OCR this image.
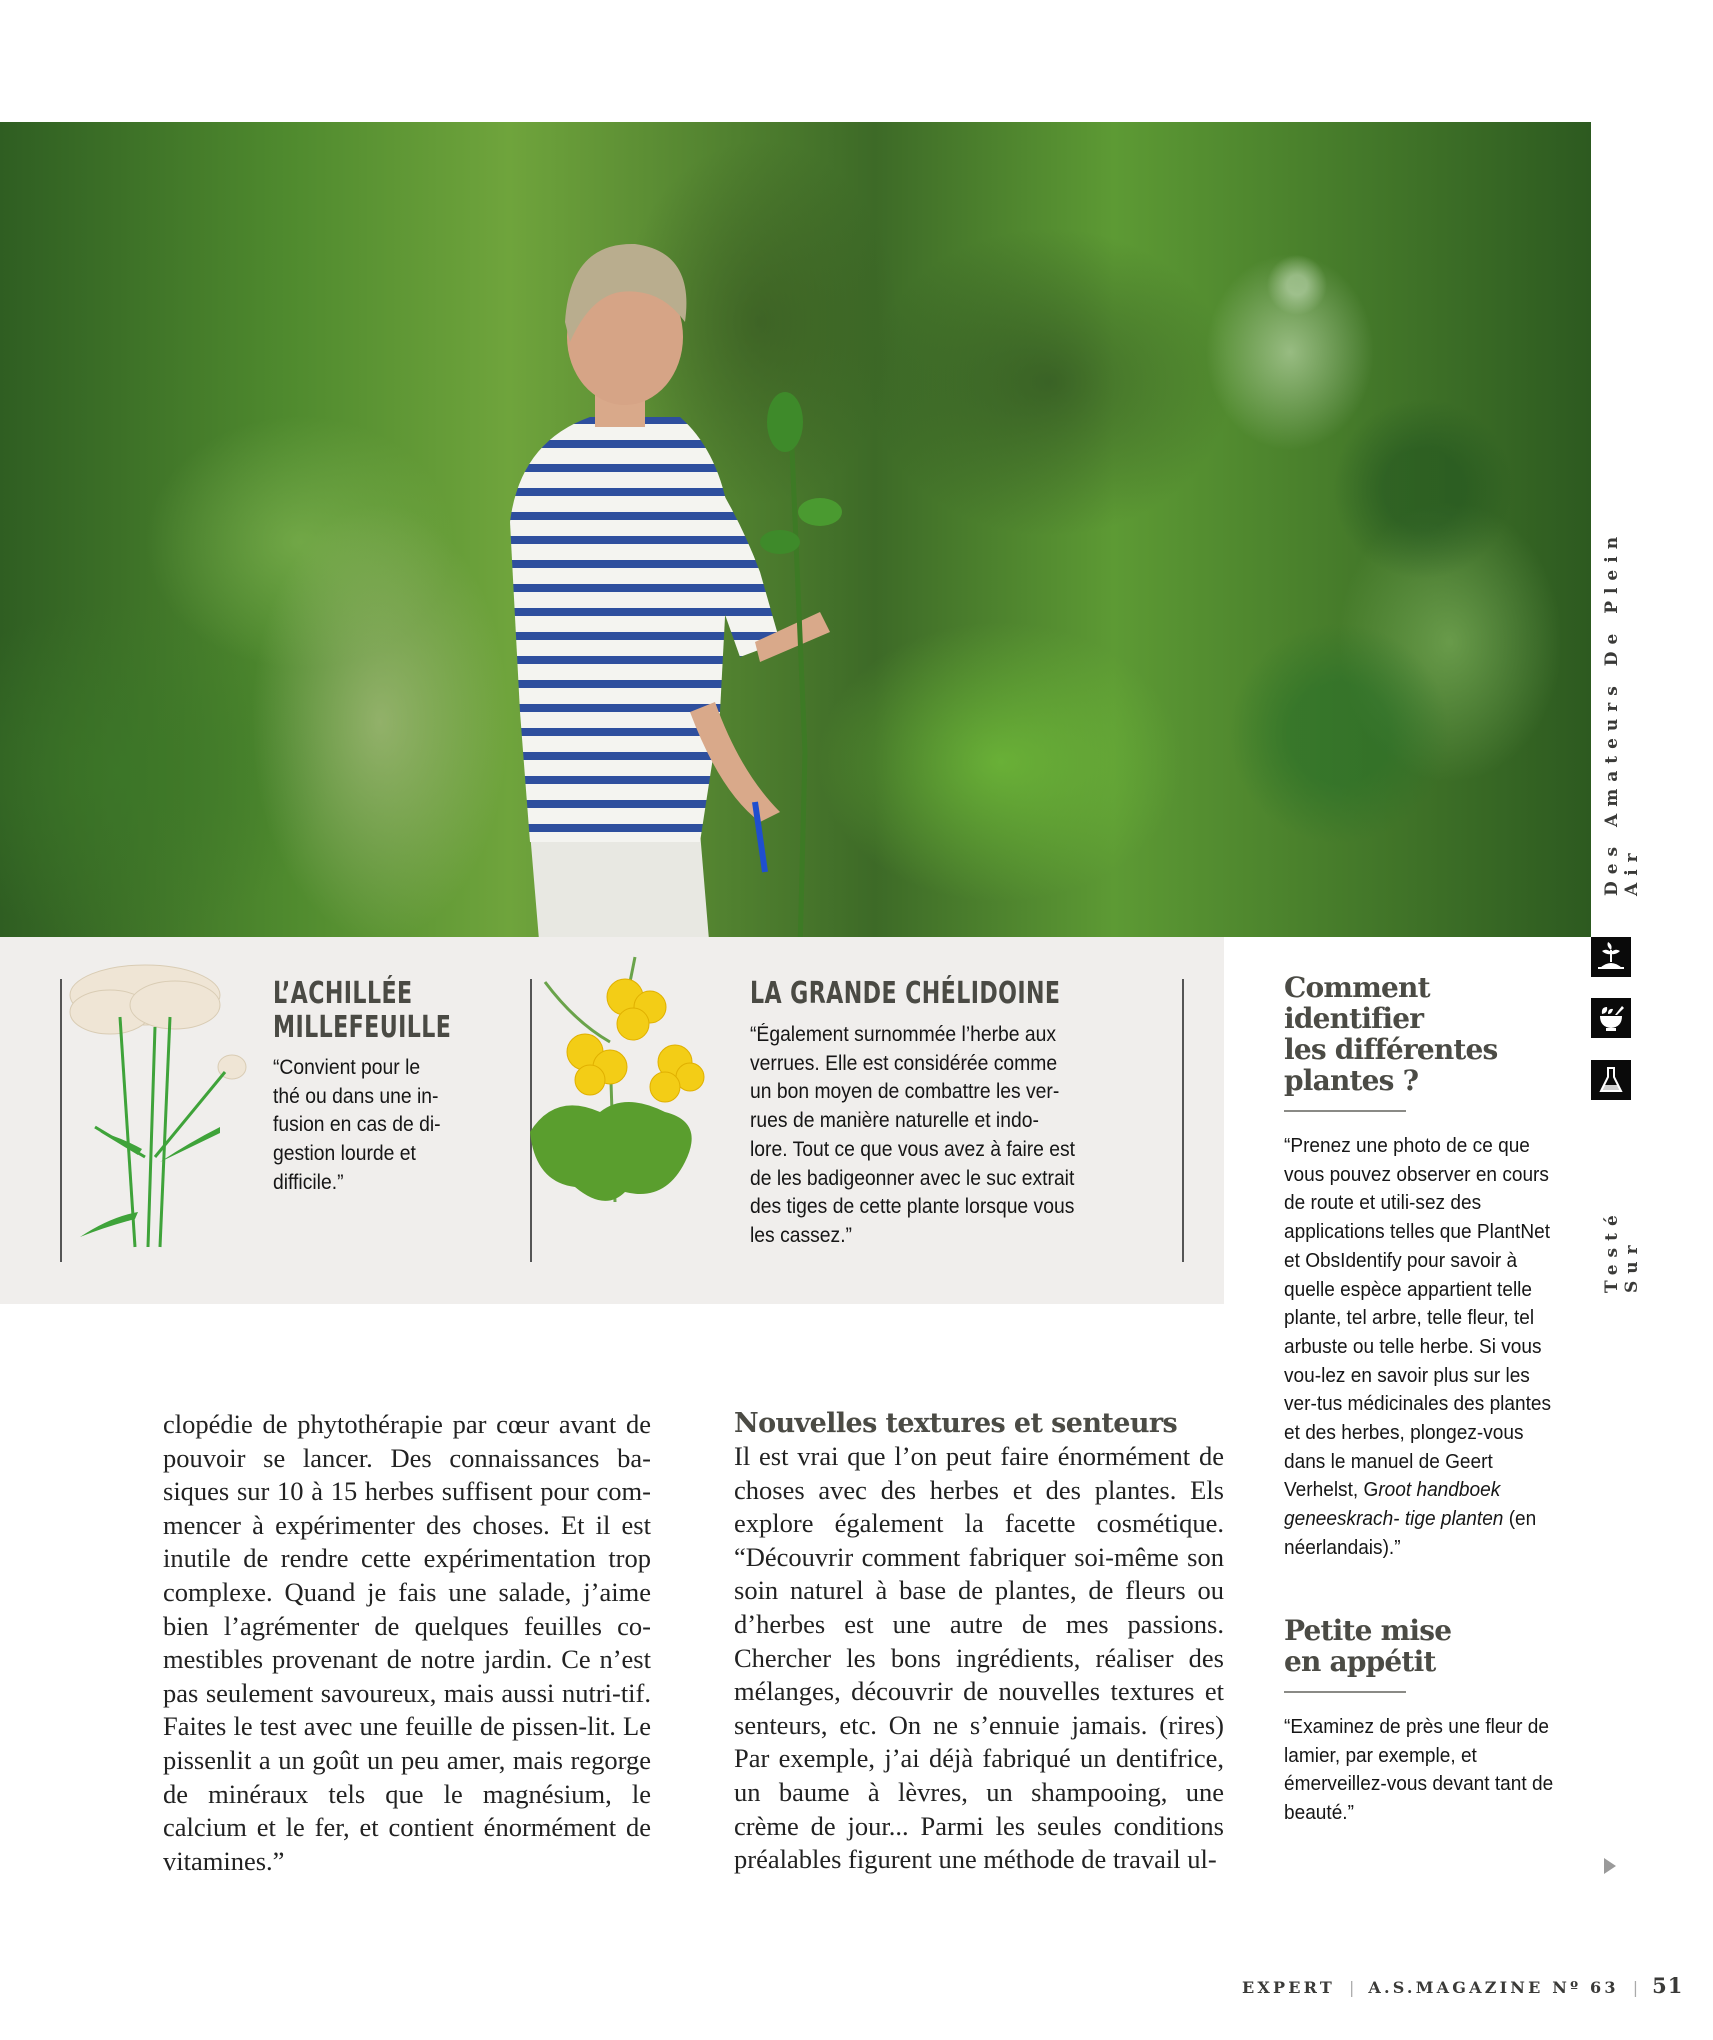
Des Amateurs De Plein Air
Testé Sur
L’ACHILLÉE
MILLEFEUILLE
“Convient pour le
thé ou dans une in-
fusion en cas de di-
gestion lourde et
difficile.”
LA GRANDE CHÉLIDOINE
“Également surnommée l’herbe aux
verrues. Elle est considérée comme
un bon moyen de combattre les ver-
rues de manière naturelle et indo-
lore. Tout ce que vous avez à faire est
de les badigeonner avec le suc extrait
des tiges de cette plante lorsque vous
les cassez.”

clopédie de phytothérapie par cœur avant de pouvoir se lancer. Des connaissances ba-siques sur 10 à 15 herbes suffisent pour com-mencer à expérimenter des choses. Et il est inutile de rendre cette expérimentation trop complexe. Quand je fais une salade, j’aime bien l’agrémenter de quelques feuilles co-mestibles provenant de notre jardin. Ce n’est pas seulement savoureux, mais aussi nutri-tif. Faites le test avec une feuille de pissen-lit. Le pissenlit a un goût un peu amer, mais regorge de minéraux tels que le magnésium, le calcium et le fer, et contient énormément de vitamines.”

Nouvelles textures et senteurs

Il est vrai que l’on peut faire énormément de choses avec des herbes et des plantes. Els explore également la facette cosmétique. “Découvrir comment fabriquer soi-même son soin naturel à base de plantes, de fleurs ou d’herbes est une autre de mes passions. Chercher les bons ingrédients, réaliser des mélanges, découvrir de nouvelles textures et senteurs, etc. On ne s’ennuie jamais. (rires) Par exemple, j’ai déjà fabriqué un dentifrice, un baume à lèvres, un shampooing, une crème de jour... Parmi les seules conditions préalables figurent une méthode de travail ul-

Comment
identifier
les différentes
plantes ?
“Prenez une photo de ce que vous pouvez observer en cours de route et utili-sez des applications telles que PlantNet et ObsIdentify pour savoir à quelle espèce appartient telle plante, tel arbre, telle fleur, tel arbuste ou telle herbe. Si vous vou-lez en savoir plus sur les ver-tus médicinales des plantes et des herbes, plongez-vous dans le manuel de Geert Verhelst, Groot handboek geneeskrach- tige planten (en néerlandais).”
Petite mise
en appétit
“Examinez de près une fleur de lamier, par exemple, et émerveillez-vous devant tant de beauté.”
EXPERT | A.S.MAGAZINE Nº 63 | 51
